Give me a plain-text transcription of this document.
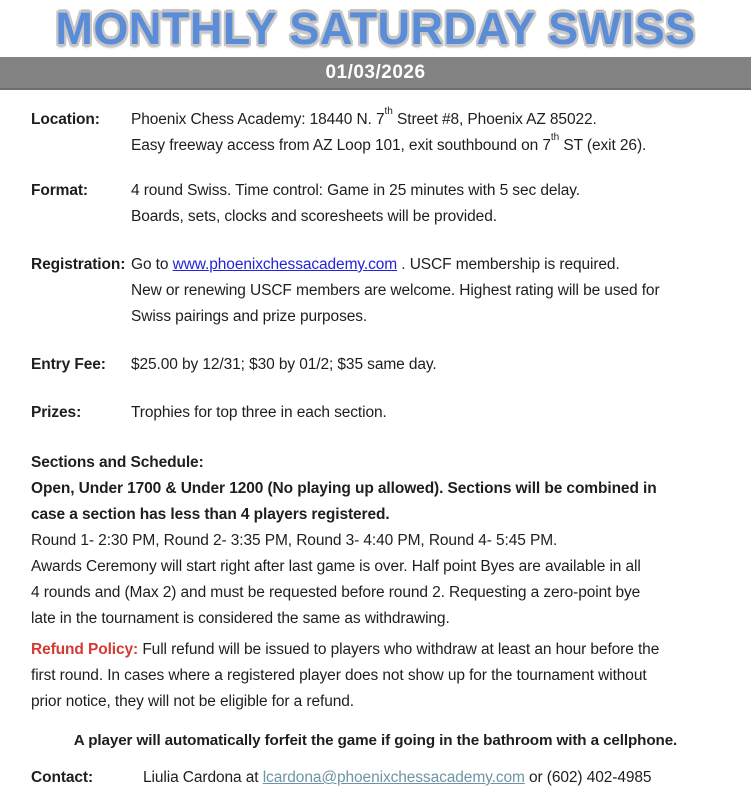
MONTHLY SATURDAY SWISS
01/03/2026
Location:	Phoenix Chess Academy: 18440 N. 7th Street #8, Phoenix AZ 85022.
Easy freeway access from AZ Loop 101, exit southbound on 7th ST (exit 26).
Format:	4 round Swiss. Time control: Game in 25 minutes with 5 sec delay.
Boards, sets, clocks and scoresheets will be provided.
Registration: Go to www.phoenixchessacademy.com . USCF membership is required.
New or renewing USCF members are welcome. Highest rating will be used for
Swiss pairings and prize purposes.
Entry Fee:	$25.00 by 12/31; $30 by 01/2; $35 same day.
Prizes:	Trophies for top three in each section.
Sections and Schedule:
Open, Under 1700 & Under 1200 (No playing up allowed). Sections will be combined in
case a section has less than 4 players registered.
Round 1- 2:30 PM, Round 2- 3:35 PM, Round 3- 4:40 PM, Round 4- 5:45 PM.
Awards Ceremony will start right after last game is over. Half point Byes are available in all
4 rounds and (Max 2) and must be requested before round 2. Requesting a zero-point bye
late in the tournament is considered the same as withdrawing.
Refund Policy: Full refund will be issued to players who withdraw at least an hour before the
first round. In cases where a registered player does not show up for the tournament without
prior notice, they will not be eligible for a refund.
A player will automatically forfeit the game if going in the bathroom with a cellphone.
Contact:	Liulia Cardona at lcardona@phoenixchessacademy.com or (602) 402-4985
